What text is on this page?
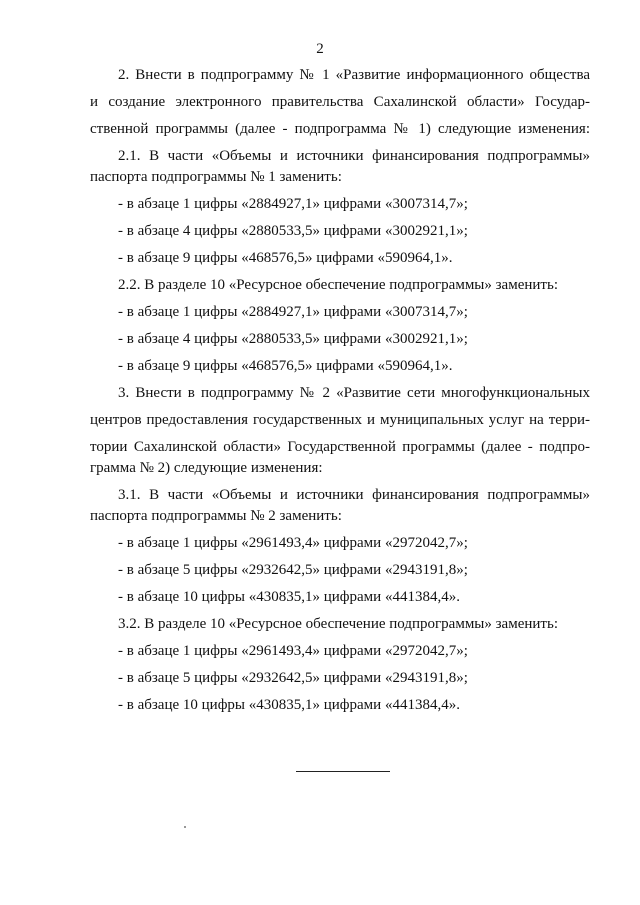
2
2. Внести в подпрограмму № 1 «Развитие информационного общества
и создание электронного правительства Сахалинской области» Государ-
ственной программы (далее - подпрограмма № 1) следующие изменения:
2.1. В части «Объемы и источники финансирования подпрограммы»
паспорта подпрограммы № 1 заменить:
- в абзаце 1 цифры «2884927,1» цифрами «3007314,7»;
- в абзаце 4 цифры «2880533,5» цифрами «3002921,1»;
- в абзаце 9 цифры «468576,5» цифрами «590964,1».
2.2. В разделе 10 «Ресурсное обеспечение подпрограммы» заменить:
- в абзаце 1 цифры «2884927,1» цифрами «3007314,7»;
- в абзаце 4 цифры «2880533,5» цифрами «3002921,1»;
- в абзаце 9 цифры «468576,5» цифрами «590964,1».
3. Внести в подпрограмму № 2 «Развитие сети многофункциональных
центров предоставления государственных и муниципальных услуг на терри-
тории Сахалинской области» Государственной программы (далее - подпро-
грамма № 2) следующие изменения:
3.1. В части «Объемы и источники финансирования подпрограммы»
паспорта подпрограммы № 2 заменить:
- в абзаце 1 цифры «2961493,4» цифрами «2972042,7»;
- в абзаце 5 цифры «2932642,5» цифрами «2943191,8»;
- в абзаце 10 цифры «430835,1» цифрами «441384,4».
3.2. В разделе 10 «Ресурсное обеспечение подпрограммы» заменить:
- в абзаце 1 цифры «2961493,4» цифрами «2972042,7»;
- в абзаце 5 цифры «2932642,5» цифрами «2943191,8»;
- в абзаце 10 цифры «430835,1» цифрами «441384,4».
